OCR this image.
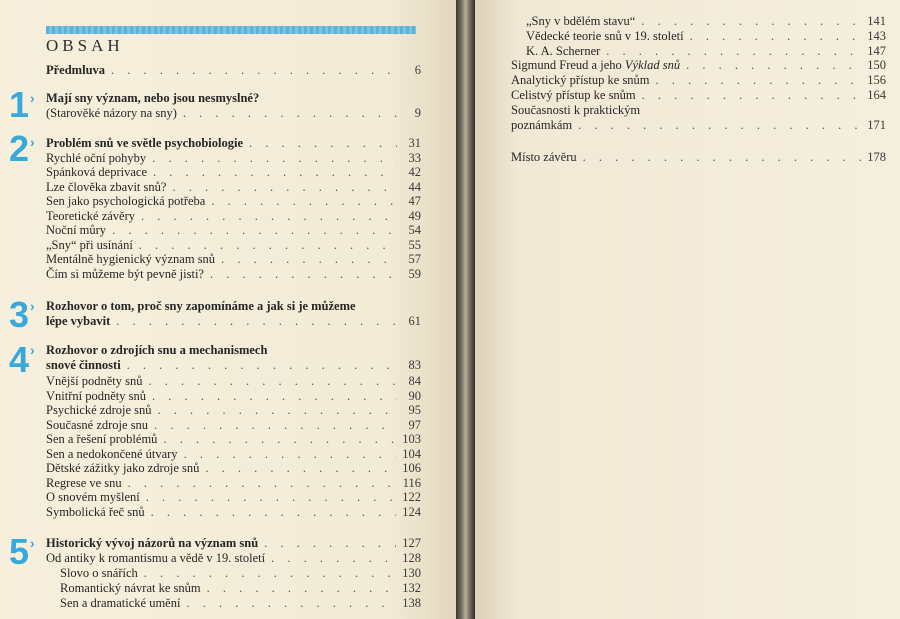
OBSAH
Předmluva . . .	6
1 › Mají sny význam, nebo jsou nesmyslné?
(Starověké názory na sny) . . .	9
2 › Problém snů ve světle psychobiologie . . .	31
Rychlé oční pohyby . . .	33
Spánková deprivace . . .	42
Lze člověka zbavit snů? . . .	44
Sen jako psychologická potřeba . . .	47
Teoretické závěry . . .	49
Noční můry . . .	54
„Sny“ při usínání . . .	55
Mentálně hygienický význam snů . . .	57
Čím si můžeme být pevně jisti? . . .	59
3 › Rozhovor o tom, proč sny zapomínáme a jak si je můžeme
lépe vybavit . . .	61
4 › Rozhovor o zdrojích snu a mechanismech
snové činnosti . . .	83
Vnější podněty snů . . .	84
Vnitřní podněty snů . . .	90
Psychické zdroje snů . . .	95
Současné zdroje snu . . .	97
Sen a řešení problémů . . .	103
Sen a nedokončené útvary . . .	104
Dětské zážitky jako zdroje snů . . .	106
Regrese ve snu . . .	116
O snovém myšlení . . .	122
Symbolická řeč snů . . .	124
5 › Historický vývoj názorů na význam snů . . .	127
Od antiky k romantismu a vědě v 19. století . . .	128
Slovo o snářích . . .	130
Romantický návrat ke snům . . .	132
Sen a dramatické umění . . .	138
„Sny v bdělém stavu“ . . .	141
Vědecké teorie snů v 19. století . . .	143
K. A. Scherner . . .	147
Sigmund Freud a jeho Výklad snů . . .	150
Analytický přístup ke snům . . .	156
Celistvý přístup ke snům . . .	164
Současnosti k praktickým
poznámkám . . .	171
Místo závěru . . .	178
